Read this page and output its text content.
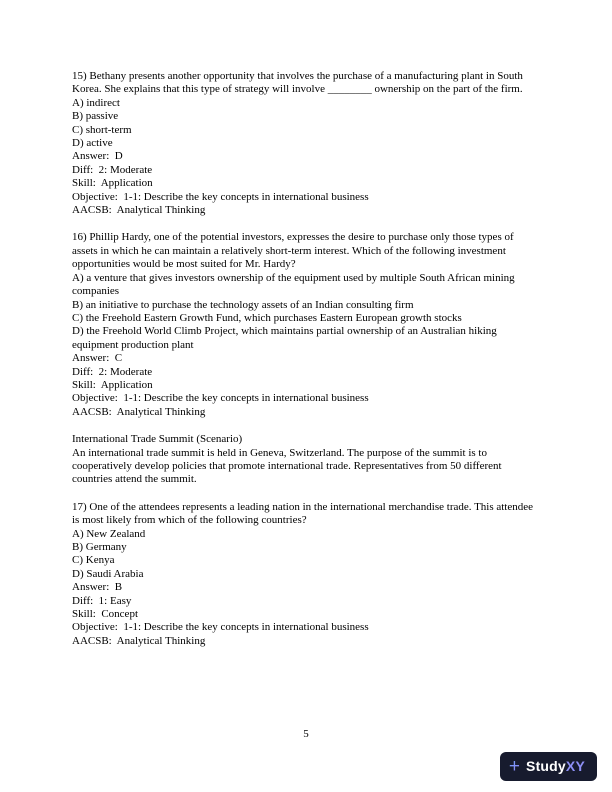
15) Bethany presents another opportunity that involves the purchase of a manufacturing plant in South Korea. She explains that this type of strategy will involve ________ ownership on the part of the firm.

A) indirect

B) passive

C) short-term

D) active

Answer:  D

Diff:  2: Moderate

Skill:  Application

Objective:  1-1: Describe the key concepts in international business

AACSB:  Analytical Thinking

16) Phillip Hardy, one of the potential investors, expresses the desire to purchase only those types of assets in which he can maintain a relatively short-term interest. Which of the following investment opportunities would be most suited for Mr. Hardy?

A) a venture that gives investors ownership of the equipment used by multiple South African mining companies

B) an initiative to purchase the technology assets of an Indian consulting firm

C) the Freehold Eastern Growth Fund, which purchases Eastern European growth stocks

D) the Freehold World Climb Project, which maintains partial ownership of an Australian hiking equipment production plant

Answer:  C

Diff:  2: Moderate

Skill:  Application

Objective:  1-1: Describe the key concepts in international business

AACSB:  Analytical Thinking

International Trade Summit (Scenario)

An international trade summit is held in Geneva, Switzerland. The purpose of the summit is to cooperatively develop policies that promote international trade. Representatives from 50 different countries attend the summit.

17) One of the attendees represents a leading nation in the international merchandise trade. This attendee is most likely from which of the following countries?

A) New Zealand

B) Germany

C) Kenya

D) Saudi Arabia

Answer:  B

Diff:  1: Easy

Skill:  Concept

Objective:  1-1: Describe the key concepts in international business

AACSB:  Analytical Thinking

5
+ StudyXY
